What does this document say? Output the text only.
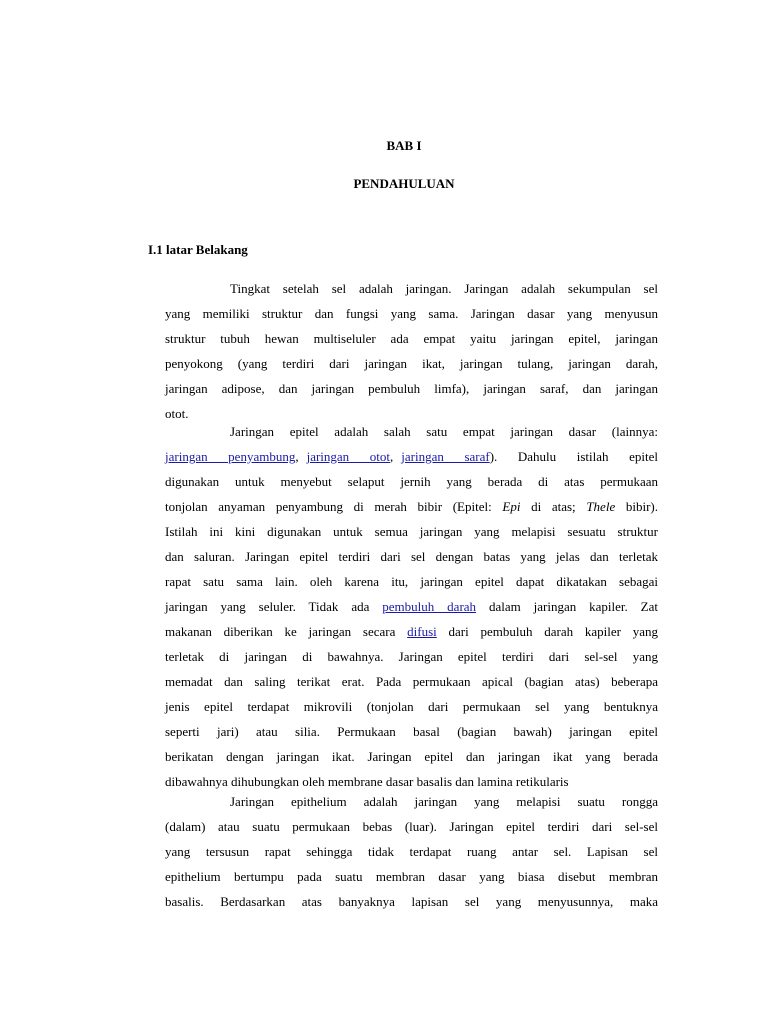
BAB I
PENDAHULUAN
I.1 latar Belakang
Tingkat setelah sel adalah jaringan. Jaringan adalah sekumpulan sel
yang memiliki struktur dan fungsi yang sama. Jaringan dasar yang menyusun
struktur tubuh hewan multiseluler ada empat yaitu jaringan epitel, jaringan
penyokong (yang terdiri dari jaringan ikat, jaringan tulang, jaringan darah,
jaringan adipose, dan jaringan pembuluh limfa), jaringan saraf, dan jaringan
otot.
Jaringan epitel adalah salah satu empat jaringan dasar (lainnya:
jaringan penyambung, jaringan otot, jaringan saraf). Dahulu istilah epitel
digunakan untuk menyebut selaput jernih yang berada di atas permukaan
tonjolan anyaman penyambung di merah bibir (Epitel: Epi di atas; Thele bibir).
Istilah ini kini digunakan untuk semua jaringan yang melapisi sesuatu struktur
dan saluran. Jaringan epitel terdiri dari sel dengan batas yang jelas dan terletak
rapat satu sama lain. oleh karena itu, jaringan epitel dapat dikatakan sebagai
jaringan yang seluler. Tidak ada pembuluh darah dalam jaringan kapiler. Zat
makanan diberikan ke jaringan secara difusi dari pembuluh darah kapiler yang
terletak di jaringan di bawahnya. Jaringan epitel terdiri dari sel-sel yang
memadat dan saling terikat erat. Pada permukaan apical (bagian atas) beberapa
jenis epitel terdapat mikrovili (tonjolan dari permukaan sel yang bentuknya
seperti jari) atau silia. Permukaan basal (bagian bawah) jaringan epitel
berikatan dengan jaringan ikat. Jaringan epitel dan jaringan ikat yang berada
dibawahnya dihubungkan oleh membrane dasar basalis dan lamina retikularis
Jaringan epithelium adalah jaringan yang melapisi suatu rongga
(dalam) atau suatu permukaan bebas (luar). Jaringan epitel terdiri dari sel-sel
yang tersusun rapat sehingga tidak terdapat ruang antar sel. Lapisan sel
epithelium bertumpu pada suatu membran dasar yang biasa disebut membran
basalis. Berdasarkan atas banyaknya lapisan sel yang menyusunnya, maka
